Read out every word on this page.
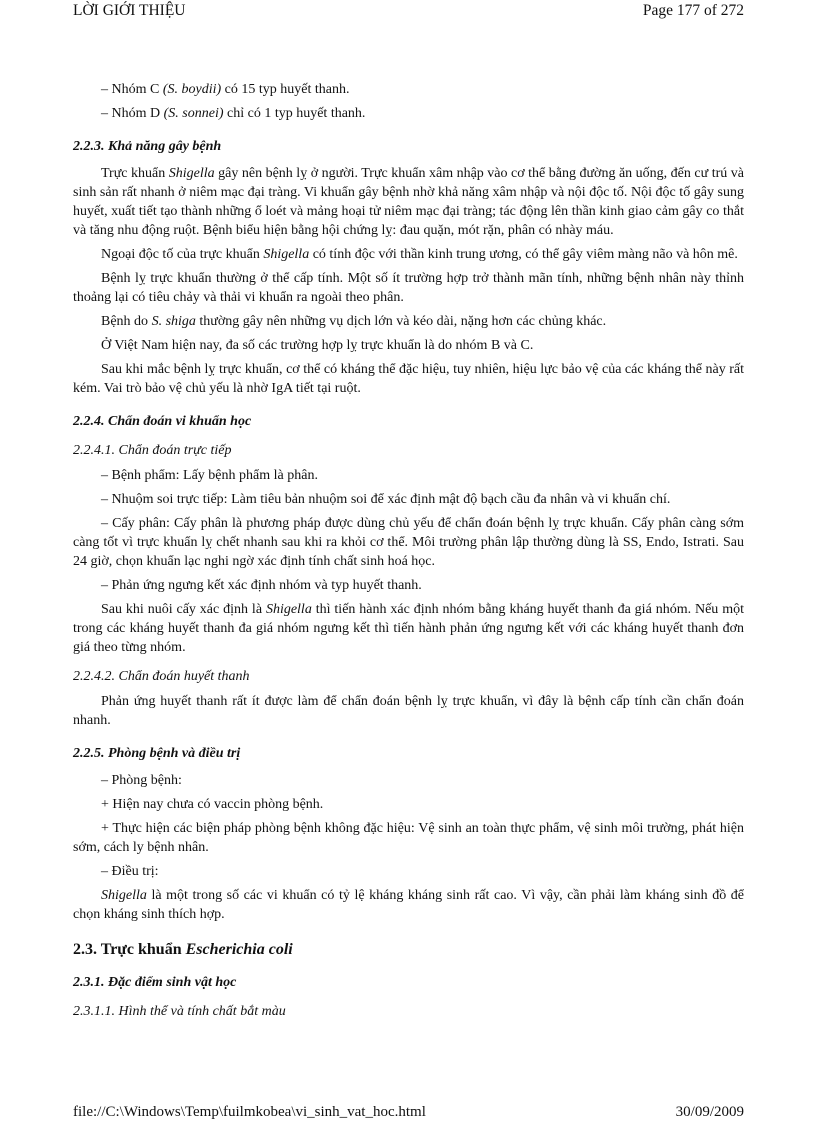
LỜI GIỚI THIỆU	Page 177 of 272

– Nhóm C (S. boydii) có 15 typ huyết thanh.

– Nhóm D (S. sonnei) chỉ có 1 typ huyết thanh.

2.2.3. Khả năng gây bệnh

Trực khuẩn Shigella gây nên bệnh lỵ ở người. Trực khuẩn xâm nhập vào cơ thể bằng đường ăn uống, đến cư trú và sinh sản rất nhanh ở niêm mạc đại tràng. Vi khuẩn gây bệnh nhờ khả năng xâm nhập và nội độc tố. Nội độc tố gây sung huyết, xuất tiết tạo thành những ổ loét và mảng hoại tử niêm mạc đại tràng; tác động lên thần kinh giao cảm gây co thắt và tăng nhu động ruột. Bệnh biểu hiện bằng hội chứng lỵ: đau quặn, mót rặn, phân có nhày máu.

Ngoại độc tố của trực khuẩn Shigella có tính độc với thần kinh trung ương, có thể gây viêm màng não và hôn mê.

Bệnh lỵ trực khuẩn thường ở thể cấp tính. Một số ít trường hợp trở thành mãn tính, những bệnh nhân này thỉnh thoảng lại có tiêu chảy và thải vi khuẩn ra ngoài theo phân.

Bệnh do S. shiga thường gây nên những vụ dịch lớn và kéo dài, nặng hơn các chủng khác.

Ở Việt Nam hiện nay, đa số các trường hợp lỵ trực khuẩn là do nhóm B và C.

Sau khi mắc bệnh lỵ trực khuẩn, cơ thể có kháng thể đặc hiệu, tuy nhiên, hiệu lực bảo vệ của các kháng thể này rất kém. Vai trò bảo vệ chủ yếu là nhờ IgA tiết tại ruột.

2.2.4. Chẩn đoán vi khuẩn học
2.2.4.1. Chẩn đoán trực tiếp

– Bệnh phẩm: Lấy bệnh phẩm là phân.

– Nhuộm soi trực tiếp: Làm tiêu bản nhuộm soi để xác định mật độ bạch cầu đa nhân và vi khuẩn chí.

– Cấy phân: Cấy phân là phương pháp được dùng chủ yếu để chẩn đoán bệnh lỵ trực khuẩn. Cấy phân càng sớm càng tốt vì trực khuẩn lỵ chết nhanh sau khi ra khỏi cơ thể. Môi trường phân lập thường dùng là SS, Endo, Istrati. Sau 24 giờ, chọn khuẩn lạc nghi ngờ xác định tính chất sinh hoá học.

– Phản ứng ngưng kết xác định nhóm và typ huyết thanh.

Sau khi nuôi cấy xác định là Shigella thì tiến hành xác định nhóm bằng kháng huyết thanh đa giá nhóm. Nếu một trong các kháng huyết thanh đa giá nhóm ngưng kết thì tiến hành phản ứng ngưng kết với các kháng huyết thanh đơn giá theo từng nhóm.

2.2.4.2. Chẩn đoán huyết thanh

Phản ứng huyết thanh rất ít được làm để chẩn đoán bệnh lỵ trực khuẩn, vì đây là bệnh cấp tính cần chẩn đoán nhanh.

2.2.5. Phòng bệnh và điều trị

– Phòng bệnh:

+ Hiện nay chưa có vaccin phòng bệnh.

+ Thực hiện các biện pháp phòng bệnh không đặc hiệu: Vệ sinh an toàn thực phẩm, vệ sinh môi trường, phát hiện sớm, cách ly bệnh nhân.

– Điều trị:

Shigella là một trong số các vi khuẩn có tỷ lệ kháng kháng sinh rất cao. Vì vậy, cần phải làm kháng sinh đồ để chọn kháng sinh thích hợp.

2.3. Trực khuẩn Escherichia coli
2.3.1. Đặc điểm sinh vật học
2.3.1.1. Hình thể và tính chất bắt màu
file://C:\Windows\Temp\fuilmkobea\vi_sinh_vat_hoc.html	30/09/2009
